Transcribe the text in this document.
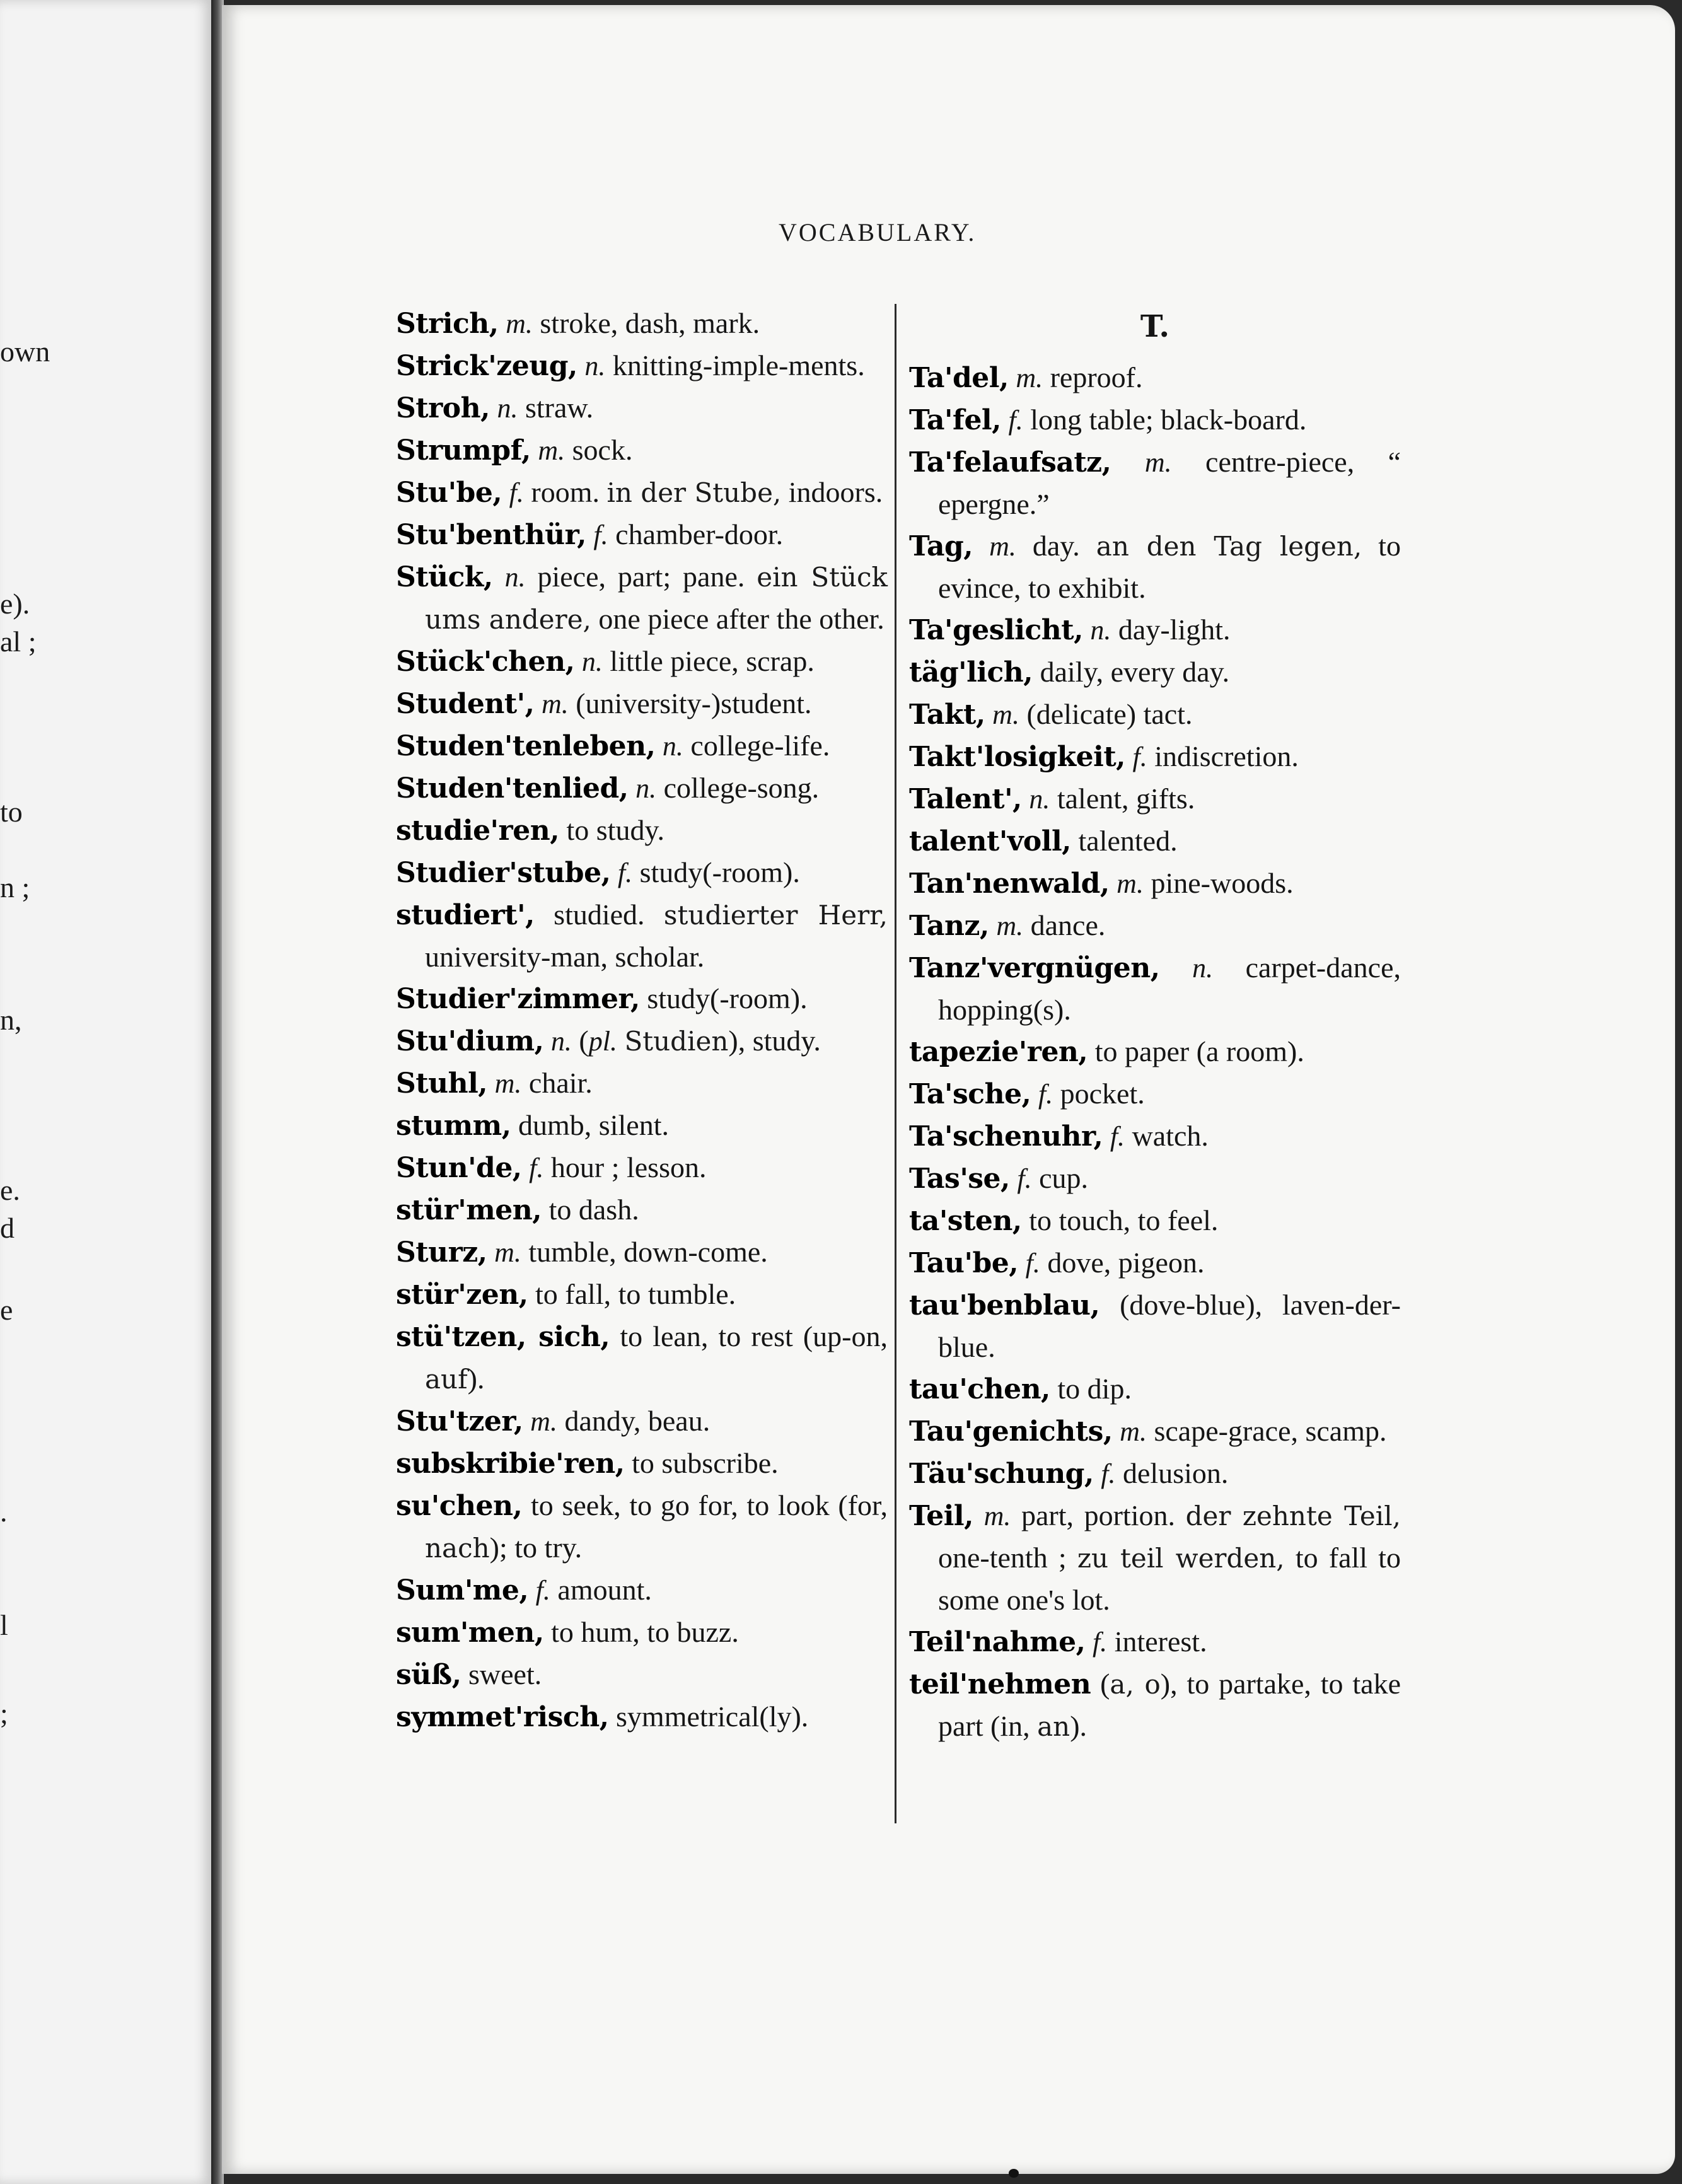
own
e).
al ;
to
n ;
n,
e.
d
e
.
l
;
VOCABULARY.
Strich, m. stroke, dash, mark.
Strick'zeug, n. knitting-imple-ments.
Stroh, n. straw.
Strumpf, m. sock.
Stu'be, f. room. in der Stube, indoors.
Stu'benthür, f. chamber-door.
Stück, n. piece, part; pane. ein Stück ums andere, one piece after the other.
Stück'chen, n. little piece, scrap.
Student', m. (university-)student.
Studen'tenleben, n. college-life.
Studen'tenlied, n. college-song.
studie'ren, to study.
Studier'stube, f. study(-room).
studiert', studied. studierter Herr, university-man, scholar.
Studier'zimmer, study(-room).
Stu'dium, n. (pl. Studien), study.
Stuhl, m. chair.
stumm, dumb, silent.
Stun'de, f. hour ; lesson.
stür'men, to dash.
Sturz, m. tumble, down-come.
stür'zen, to fall, to tumble.
stü'tzen, sich, to lean, to rest (up-on, auf).
Stu'tzer, m. dandy, beau.
subskribie'ren, to subscribe.
su'chen, to seek, to go for, to look (for, nach); to try.
Sum'me, f. amount.
sum'men, to hum, to buzz.
süß, sweet.
symmet'risch, symmetrical(ly).
T.
Ta'del, m. reproof.
Ta'fel, f. long table; black-board.
Ta'felaufsatz, m. centre-piece, “ epergne.”
Tag, m. day. an den Tag legen, to evince, to exhibit.
Ta'geslicht, n. day-light.
täg'lich, daily, every day.
Takt, m. (delicate) tact.
Takt'losigkeit, f. indiscretion.
Talent', n. talent, gifts.
talent'voll, talented.
Tan'nenwald, m. pine-woods.
Tanz, m. dance.
Tanz'vergnügen, n. carpet-dance, hopping(s).
tapezie'ren, to paper (a room).
Ta'sche, f. pocket.
Ta'schenuhr, f. watch.
Tas'se, f. cup.
ta'sten, to touch, to feel.
Tau'be, f. dove, pigeon.
tau'benblau, (dove-blue), laven-der-blue.
tau'chen, to dip.
Tau'genichts, m. scape-grace, scamp.
Täu'schung, f. delusion.
Teil, m. part, portion. der zehnte Teil, one-tenth ; zu teil werden, to fall to some one's lot.
Teil'nahme, f. interest.
teil'nehmen (a, o), to partake, to take part (in, an).
